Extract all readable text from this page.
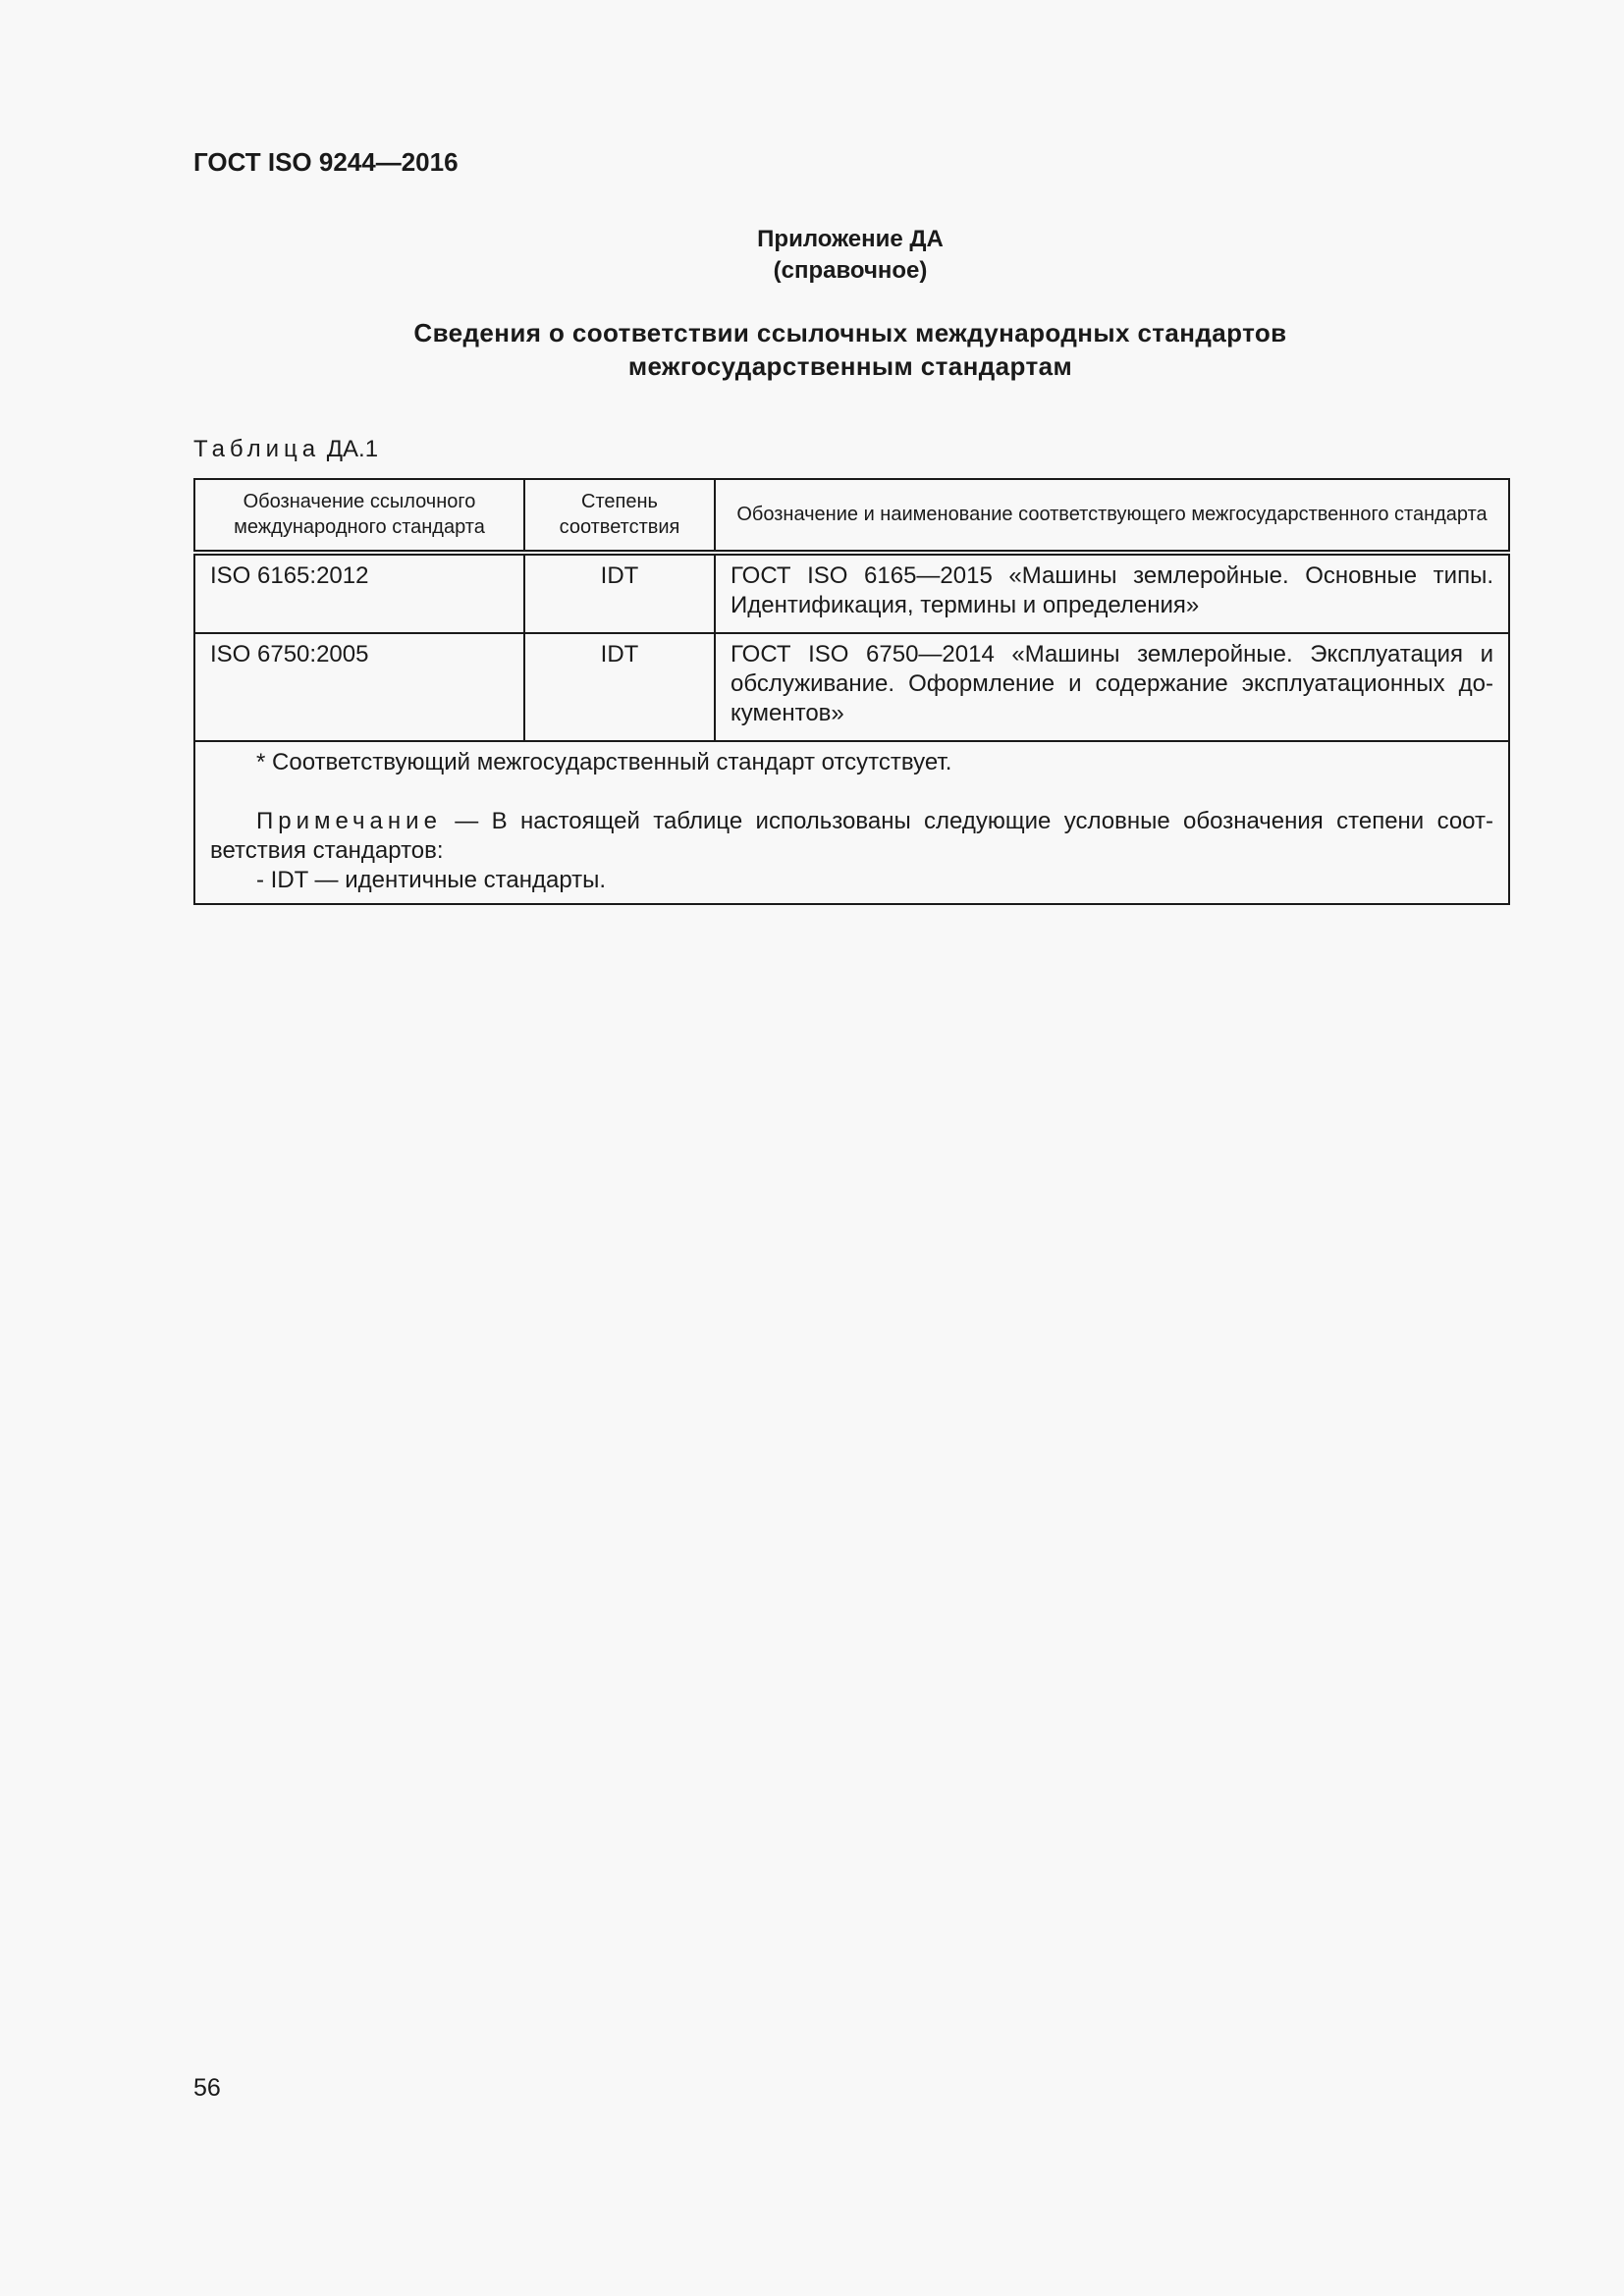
ГОСТ ISO 9244—2016
Приложение ДА
(справочное)
Сведения о соответствии ссылочных международных стандартов
межгосударственным стандартам
Таблица ДА.1
Обозначение ссылочного международного стандарта	Степень соответствия	Обозначение и наименование соответствующего межгосударственного стандарта
ISO 6165:2012	IDT	ГОСТ ISO 6165—2015 «Машины землеройные. Основные типы. Идентификация, термины и определения»
ISO 6750:2005	IDT	ГОСТ ISO 6750—2014 «Машины землеройные. Эксплуатация и обслуживание. Оформление и содержание эксплуатационных документов»

* Соответствующий межгосударственный стандарт отсутствует.

Примечание — В настоящей таблице использованы следующие условные обозначения степени соответствия стандартов:

- IDT — идентичные стандарты.		

56
